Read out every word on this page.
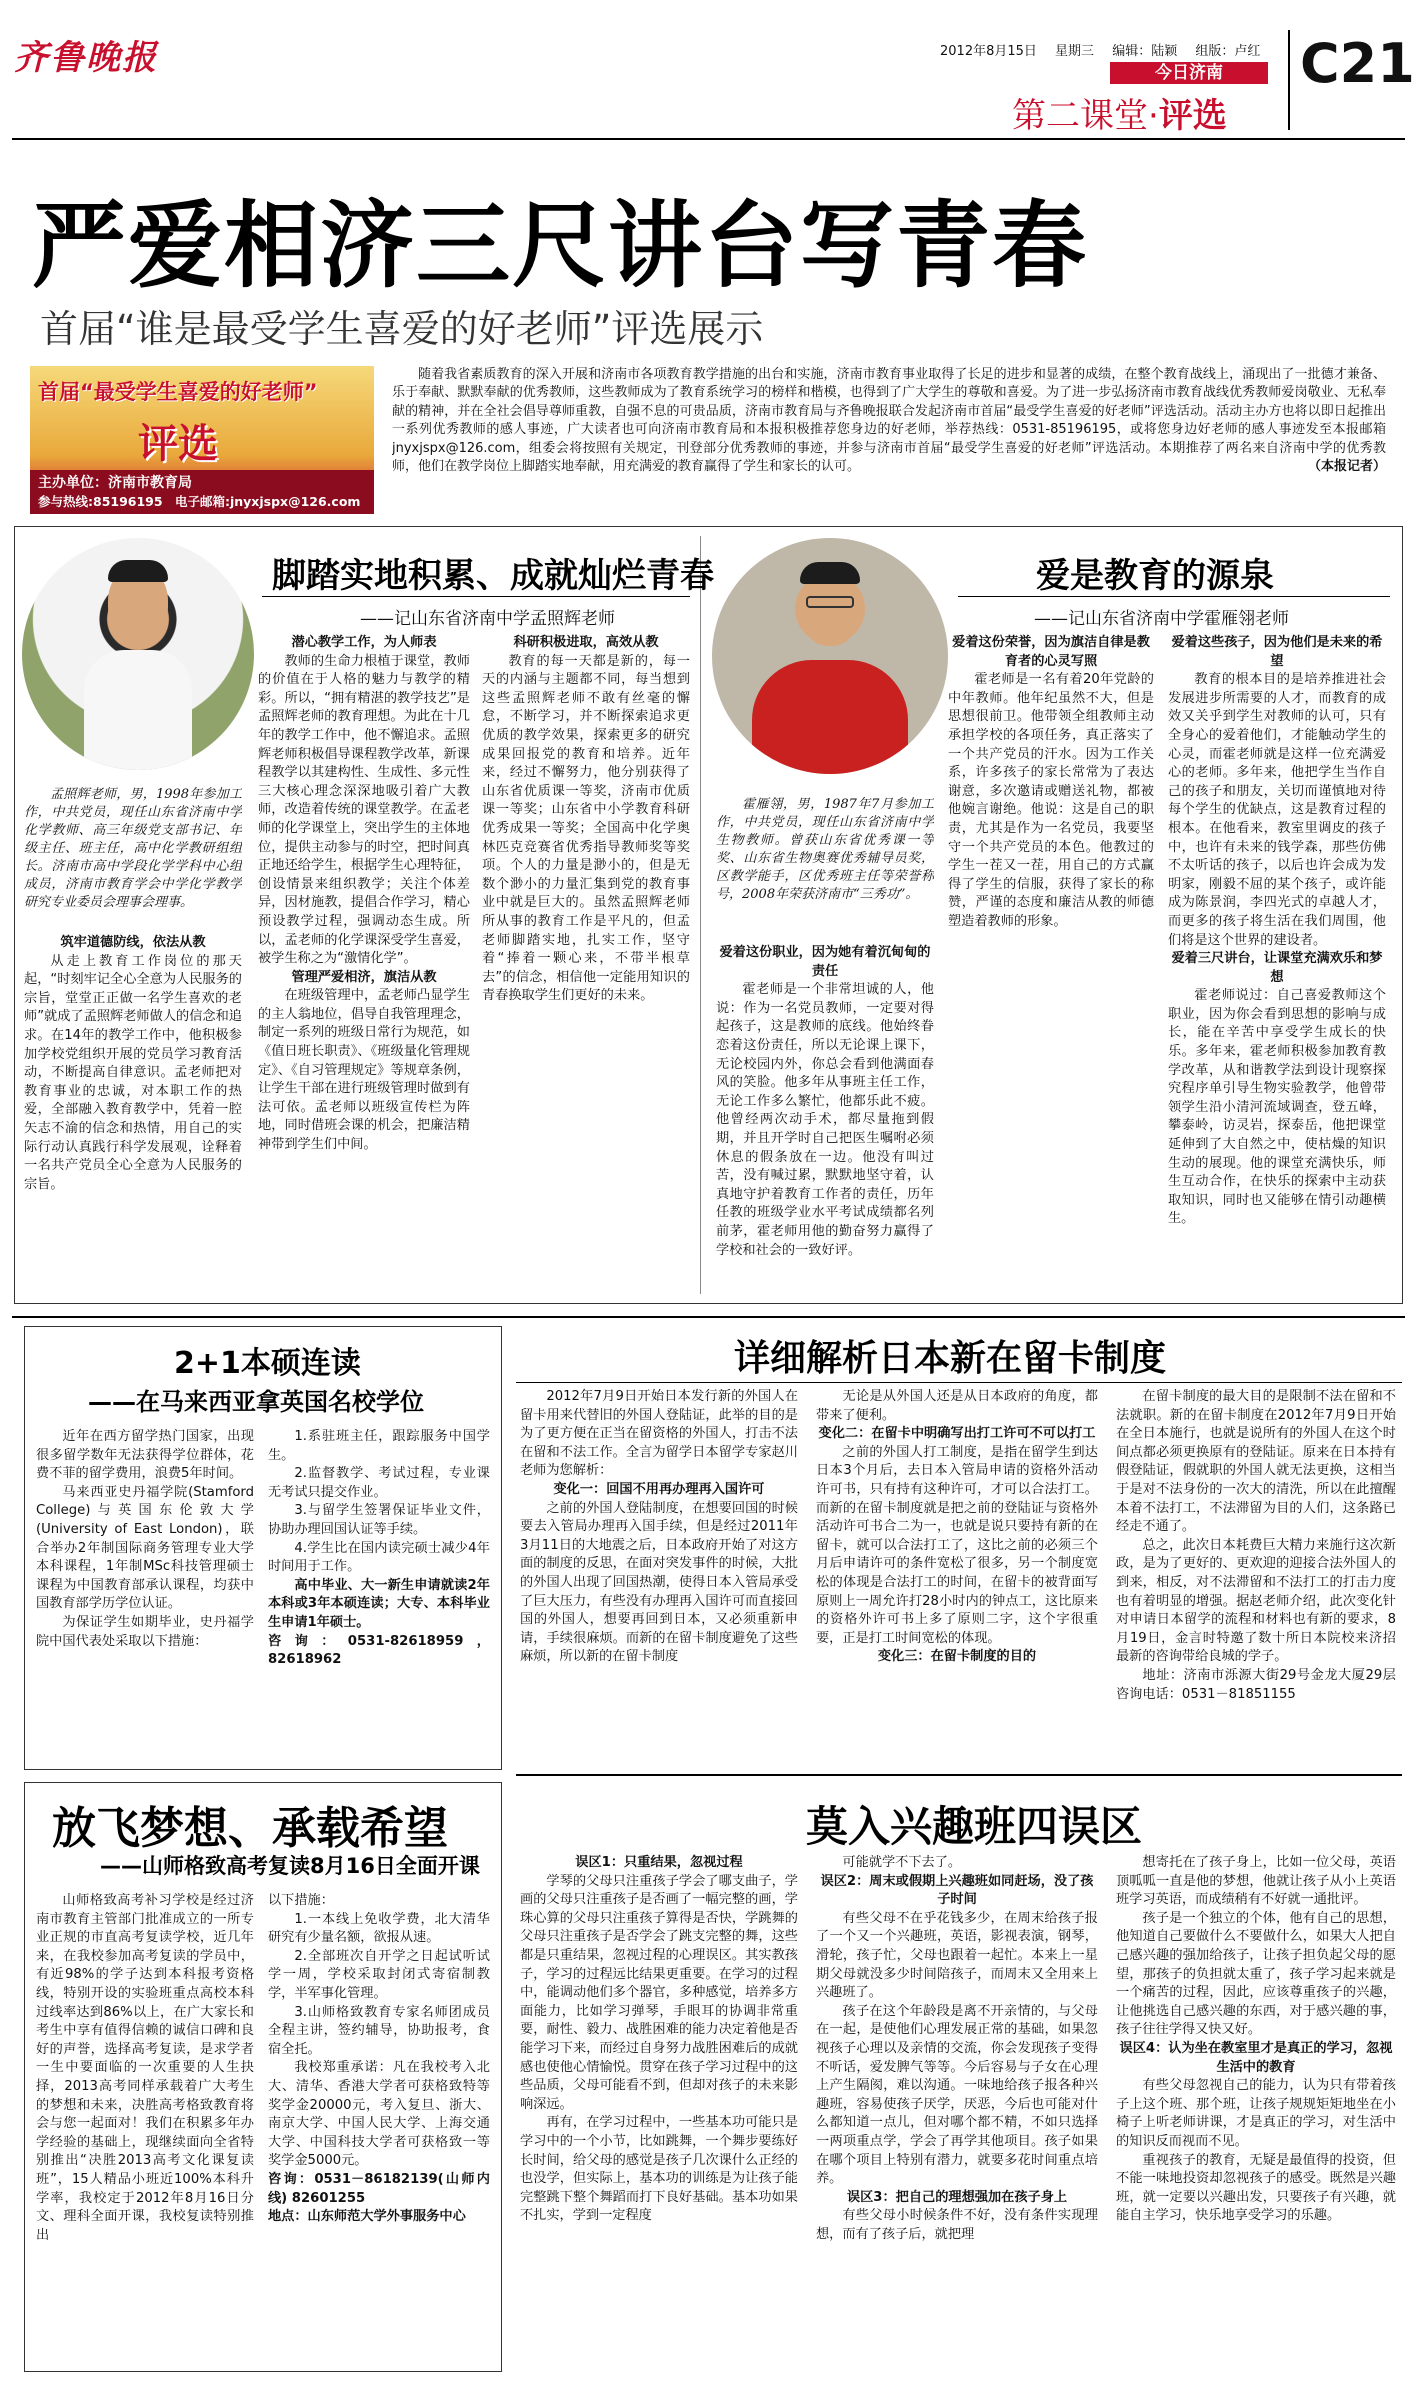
齐鲁晚报	2012年8月15日 星期三 编辑：陆颖 组版：卢红
今日济南
第二课堂·评选
C21
严爱相济三尺讲台写青春
首届“谁是最受学生喜爱的好老师”评选展示
首届“最受学生喜爱的好老师”
评选
主办单位：济南市教育局
参与热线:85196195 电子邮箱:jnyxjspx@126.com

随着我省素质教育的深入开展和济南市各项教育教学措施的出台和实施，济南市教育事业取得了长足的进步和显著的成绩，在整个教育战线上，涌现出了一批德才兼备、乐于奉献、默默奉献的优秀教师，这些教师成为了教育系统学习的榜样和楷模，也得到了广大学生的尊敬和喜爱。为了进一步弘扬济南市教育战线优秀教师爱岗敬业、无私奉献的精神，并在全社会倡导尊师重教，自强不息的可贵品质，济南市教育局与齐鲁晚报联合发起济南市首届“最受学生喜爱的好老师”评选活动。活动主办方也将以即日起推出一系列优秀教师的感人事迹，广大读者也可向济南市教育局和本报积极推荐您身边的好老师，举荐热线：0531-85196195，或将您身边好老师的感人事迹发至本报邮箱jnyxjspx@126.com，组委会将按照有关规定，刊登部分优秀教师的事迹，并参与济南市首届“最受学生喜爱的好老师”评选活动。本期推荐了两名来自济南中学的优秀教师，他们在教学岗位上脚踏实地奉献，用充满爱的教育赢得了学生和家长的认可。	（本报记者）

脚踏实地积累、成就灿烂青春
——记山东省济南中学孟照辉老师

孟照辉老师，男，1998年参加工作，中共党员，现任山东省济南中学化学教师、高三年级党支部书记、年级主任、班主任，高中化学教研组组长。济南市高中学段化学学科中心组成员，济南市教育学会中学化学教学研究专业委员会理事会理事。

筑牢道德防线，依法从教

从走上教育工作岗位的那天起，“时刻牢记全心全意为人民服务的宗旨，堂堂正正做一名学生喜欢的老师”就成了孟照辉老师做人的信念和追求。在14年的教学工作中，他积极参加学校党组织开展的党员学习教育活动，不断提高自律意识。孟老师把对教育事业的忠诚，对本职工作的热爱，全部融入教育教学中，凭着一腔矢志不渝的信念和热情，用自己的实际行动认真践行科学发展观，诠释着一名共产党员全心全意为人民服务的宗旨。

潜心教学工作，为人师表

教师的生命力根植于课堂，教师的价值在于人格的魅力与教学的精彩。所以，“拥有精湛的教学技艺”是孟照辉老师的教育理想。为此在十几年的教学工作中，他不懈追求。孟照辉老师积极倡导课程教学改革，新课程教学以其建构性、生成性、多元性三大核心理念深深地吸引着广大教师，改造着传统的课堂教学。在孟老师的化学课堂上，突出学生的主体地位，提供主动参与的时空，把时间真正地还给学生，根据学生心理特征，创设情景来组织教学；关注个体差异，因材施教，提倡合作学习，精心预设教学过程，强调动态生成。所以，孟老师的化学课深受学生喜爱，被学生称之为“激情化学”。

管理严爱相济，旗洁从教

在班级管理中，孟老师凸显学生的主人翁地位，倡导自我管理理念，制定一系列的班级日常行为规范，如《值日班长职责》、《班级量化管理规定》、《自习管理规定》等规章条例，让学生干部在进行班级管理时做到有法可依。孟老师以班级宣传栏为阵地，同时借班会课的机会，把廉洁精神带到学生们中间。

科研积极进取，高效从教

教育的每一天都是新的，每一天的内涵与主题都不同，每当想到这些孟照辉老师不敢有丝毫的懈怠，不断学习，并不断探索追求更优质的教学效果，探索更多的研究成果回报党的教育和培养。近年来，经过不懈努力，他分别获得了山东省优质课一等奖，济南市优质课一等奖；山东省中小学教育科研优秀成果一等奖；全国高中化学奥林匹克竞赛省优秀指导教师奖等奖项。个人的力量是渺小的，但是无数个渺小的力量汇集到党的教育事业中就是巨大的。虽然孟照辉老师所从事的教育工作是平凡的，但孟老师脚踏实地，扎实工作，坚守着“捧着一颗心来，不带半根草去”的信念，相信他一定能用知识的青春换取学生们更好的未来。

爱是教育的源泉
——记山东省济南中学霍雁翎老师

霍雁翎，男，1987年7月参加工作，中共党员，现任山东省济南中学生物教师。曾获山东省优秀课一等奖、山东省生物奥赛优秀辅导员奖，区教学能手，区优秀班主任等荣誉称号，2008年荣获济南市“三秀功”。

爱着这份职业，因为她有着沉甸甸的责任

霍老师是一个非常坦诚的人，他说：作为一名党员教师，一定要对得起孩子，这是教师的底线。他始终眷恋着这份责任，所以无论课上课下，无论校园内外，你总会看到他满面春风的笑脸。他多年从事班主任工作，无论工作多么繁忙，他都乐此不疲。他曾经两次动手术，都尽量拖到假期，并且开学时自己把医生嘱咐必须休息的假条放在一边。他没有叫过苦，没有喊过累，默默地坚守着，认真地守护着教育工作者的责任，历年任教的班级学业水平考试成绩都名列前茅，霍老师用他的勤奋努力赢得了学校和社会的一致好评。

爱着这份荣誉，因为旗洁自律是教育者的心灵写照

霍老师是一名有着20年党龄的中年教师。他年纪虽然不大，但是思想很前卫。他带领全组教师主动承担学校的各项任务，真正落实了一个共产党员的汗水。因为工作关系，许多孩子的家长常常为了表达谢意，多次邀请或赠送礼物，都被他婉言谢绝。他说：这是自己的职责，尤其是作为一名党员，我要坚守一个共产党员的本色。他教过的学生一茬又一茬，用自己的方式赢得了学生的信服，获得了家长的称赞，严谨的态度和廉洁从教的师德塑造着教师的形象。

爱着这些孩子，因为他们是未来的希望

教育的根本目的是培养推进社会发展进步所需要的人才，而教育的成效又关乎到学生对教师的认可，只有全身心的爱着他们，才能触动学生的心灵，而霍老师就是这样一位充满爱心的老师。多年来，他把学生当作自己的孩子和朋友，关切而谨慎地对待每个学生的优缺点，这是教育过程的根本。在他看来，教室里调皮的孩子中，也许有未来的钱学森，那些仿佛不太听话的孩子，以后也许会成为发明家，刚毅不屈的某个孩子，或许能成为陈景润，李四光式的卓越人才，而更多的孩子将生活在我们周围，他们将是这个世界的建设者。

爱着三尺讲台，让课堂充满欢乐和梦想

霍老师说过：自己喜爱教师这个职业，因为你会看到思想的影响与成长，能在辛苦中享受学生成长的快乐。多年来，霍老师积极参加教育教学改革，从和谐教学法到设计现察探究程序单引导生物实验教学，他曾带领学生沿小清河流域调查，登五峰，攀泰岭，访灵岩，探泰岳，他把课堂延伸到了大自然之中，使枯燥的知识生动的展现。他的课堂充满快乐，师生互动合作，在快乐的探索中主动获取知识，同时也又能够在情引动趣横生。

2+1本硕连读
——在马来西亚拿英国名校学位

近年在西方留学热门国家，出现很多留学数年无法获得学位群体，花费不菲的留学费用，浪费5年时间。

马来西亚史丹福学院(Stamford College)与英国东伦敦大学(University of East London)，联合举办2年制国际商务管理专业大学本科课程，1年制MSc科技管理硕士课程为中国教育部承认课程，均获中国教育部学历学位认证。

为保证学生如期毕业，史丹福学院中国代表处采取以下措施：

1.系驻班主任，跟踪服务中国学生。

2.监督教学、考试过程，专业课无考试只提交作业。

3.与留学生签署保证毕业文件，协助办理回国认证等手续。

4.学生比在国内读完硕士减少4年时间用于工作。

高中毕业、大一新生申请就读2年本科或3年本硕连读；大专、本科毕业生申请1年硕士。

咨询：0531-82618959，82618962

放飞梦想、承载希望
——山师格致高考复读8月16日全面开课

山师格致高考补习学校是经过济南市教育主管部门批准成立的一所专业正规的市直高考复读学校，近几年来，在我校参加高考复读的学员中，有近98%的学子达到本科报考资格线，特别开设的实验班重点高校本科过线率达到86%以上，在广大家长和考生中享有值得信赖的诚信口碑和良好的声誉，选择高考复读，是求学者一生中要面临的一次重要的人生抉择，2013高考同样承载着广大考生的梦想和未来，决胜高考格致教育将会与您一起面对！我们在积累多年办学经验的基础上，现继续面向全省特别推出“决胜2013高考文化课复读班”，15人精品小班近100%本科升学率，我校定于2012年8月16日分文、理科全面开课，我校复读特别推出

以下措施：

1.一本线上免收学费，北大清华研究有少量名额，欲报从速。

2.全部班次自开学之日起试听试学一周，学校采取封闭式寄宿制教学，半军事化管理。

3.山师格致教育专家名师团成员全程主讲，签约辅导，协助报考，食宿全托。

我校郑重承诺：凡在我校考入北大、清华、香港大学者可获格致特等奖学金20000元，考入复旦、浙大、南京大学、中国人民大学、上海交通大学、中国科技大学者可获格致一等奖学金5000元。

咨询：0531－86182139(山师内线) 82601255

地点：山东师范大学外事服务中心

详细解析日本新在留卡制度

2012年7月9日开始日本发行新的外国人在留卡用来代替旧的外国人登陆证，此举的目的是为了更方便在正当在留资格的外国人，打击不法在留和不法工作。全言为留学日本留学专家赵川老师为您解析：

变化一：回国不用再办理再入国许可

之前的外国人登陆制度，在想要回国的时候要去入管局办理再入国手续，但是经过2011年3月11日的大地震之后，日本政府开始了对这方面的制度的反思，在面对突发事件的时候，大批的外国人出现了回国热潮，使得日本入管局承受了巨大压力，有些没有办理再入国许可而直接回国的外国人，想要再回到日本，又必须重新申请，手续很麻烦。而新的在留卡制度避免了这些麻烦，所以新的在留卡制度

无论是从外国人还是从日本政府的角度，都带来了便利。

变化二：在留卡中明确写出打工许可不可以打工

之前的外国人打工制度，是指在留学生到达日本3个月后，去日本入管局申请的资格外活动许可书，只有持有这种许可，才可以合法打工。而新的在留卡制度就是把之前的登陆证与资格外活动许可书合二为一，也就是说只要持有新的在留卡，就可以合法打工了，这比之前的必须三个月后申请许可的条件宽松了很多，另一个制度宽松的体现是合法打工的时间，在留卡的被背面写原则上一周允许打28小时内的钟点工，这比原来的资格外许可书上多了原则二字，这个字很重要，正是打工时间宽松的体现。

变化三：在留卡制度的目的

在留卡制度的最大目的是限制不法在留和不法就职。新的在留卡制度在2012年7月9日开始在全日本施行，也就是说所有的外国人在这个时间点都必须更换原有的登陆证。原来在日本持有假登陆证，假就职的外国人就无法更换，这相当于是对不法身份的一次大的清洗，所以在此擅醒本着不法打工，不法滞留为目的人们，这条路已经走不通了。

总之，此次日本耗费巨大精力来施行这次新政，是为了更好的、更欢迎的迎接合法外国人的到来，相反，对不法滞留和不法打工的打击力度也有着明显的增强。据赵老师介绍，此次变化针对申请日本留学的流程和材料也有新的要求，8月19日，金言时特邀了数十所日本院校来济招最新的咨询带给良城的学子。

地址：济南市泺源大街29号金龙大厦29层 咨询电话：0531－81851155

莫入兴趣班四误区

误区1：只重结果，忽视过程

学琴的父母只注重孩子学会了哪支曲子，学画的父母只注重孩子是否画了一幅完整的画，学珠心算的父母只注重孩子算得是否快，学跳舞的父母只注重孩子是否学会了跳支完整的舞，这些都是只重结果，忽视过程的心理误区。其实教孩子，学习的过程远比结果更重要。在学习的过程中，能调动他们多个器官，多种感觉，培养多方面能力，比如学习弹琴，手眼耳的协调非常重要，耐性、毅力、战胜困难的能力决定着他是否能学习下来，而经过自身努力战胜困难后的成就感也使他心情愉悦。贯穿在孩子学习过程中的这些品质，父母可能看不到，但却对孩子的未来影响深远。

再有，在学习过程中，一些基本功可能只是学习中的一个小节，比如跳舞，一个舞步要练好长时间，给父母的感觉是孩子几次课什么正经的也没学，但实际上，基本功的训练是为让孩子能完整跳下整个舞蹈而打下良好基础。基本功如果不扎实，学到一定程度

可能就学不下去了。

误区2：周末或假期上兴趣班如同赶场，没了孩子时间

有些父母不在乎花钱多少，在周末给孩子报了一个又一个兴趣班，英语，影视表演，钢琴，滑轮，孩子忙，父母也跟着一起忙。本来上一星期父母就没多少时间陪孩子，而周末又全用来上兴趣班了。

孩子在这个年龄段是离不开亲情的，与父母在一起，是使他们心理发展正常的基础，如果忽视孩子心理以及亲情的交流，你会发现孩子变得不听话，爱发脾气等等。今后容易与子女在心理上产生隔阂，难以沟通。一味地给孩子报各种兴趣班，容易使孩子厌学，厌恶，今后也可能对什么都知道一点儿，但对哪个都不精，不如只选择一两项重点学，学会了再学其他项目。孩子如果在哪个项目上特别有潜力，就要多花时间重点培养。

误区3：把自己的理想强加在孩子身上

有些父母小时候条件不好，没有条件实现理想，而有了孩子后，就把理

想寄托在了孩子身上，比如一位父母，英语顶呱呱一直是他的梦想，他就让孩子从小上英语班学习英语，而成绩稍有不好就一通批评。

孩子是一个独立的个体，他有自己的思想，他知道自己要做什么不要做什么，如果大人把自己感兴趣的强加给孩子，让孩子担负起父母的愿望，那孩子的负担就太重了，孩子学习起来就是一个痛苦的过程，因此，应该尊重孩子的兴趣，让他挑选自己感兴趣的东西，对于感兴趣的事，孩子往往学得又快又好。

误区4：认为坐在教室里才是真正的学习，忽视生活中的教育

有些父母忽视自己的能力，认为只有带着孩子上这个班、那个班，让孩子规规矩矩地坐在小椅子上听老师讲课，才是真正的学习，对生活中的知识反而视而不见。

重视孩子的教育，无疑是最值得的投资，但不能一味地投资却忽视孩子的感受。既然是兴趣班，就一定要以兴趣出发，只要孩子有兴趣，就能自主学习，快乐地享受学习的乐趣。
